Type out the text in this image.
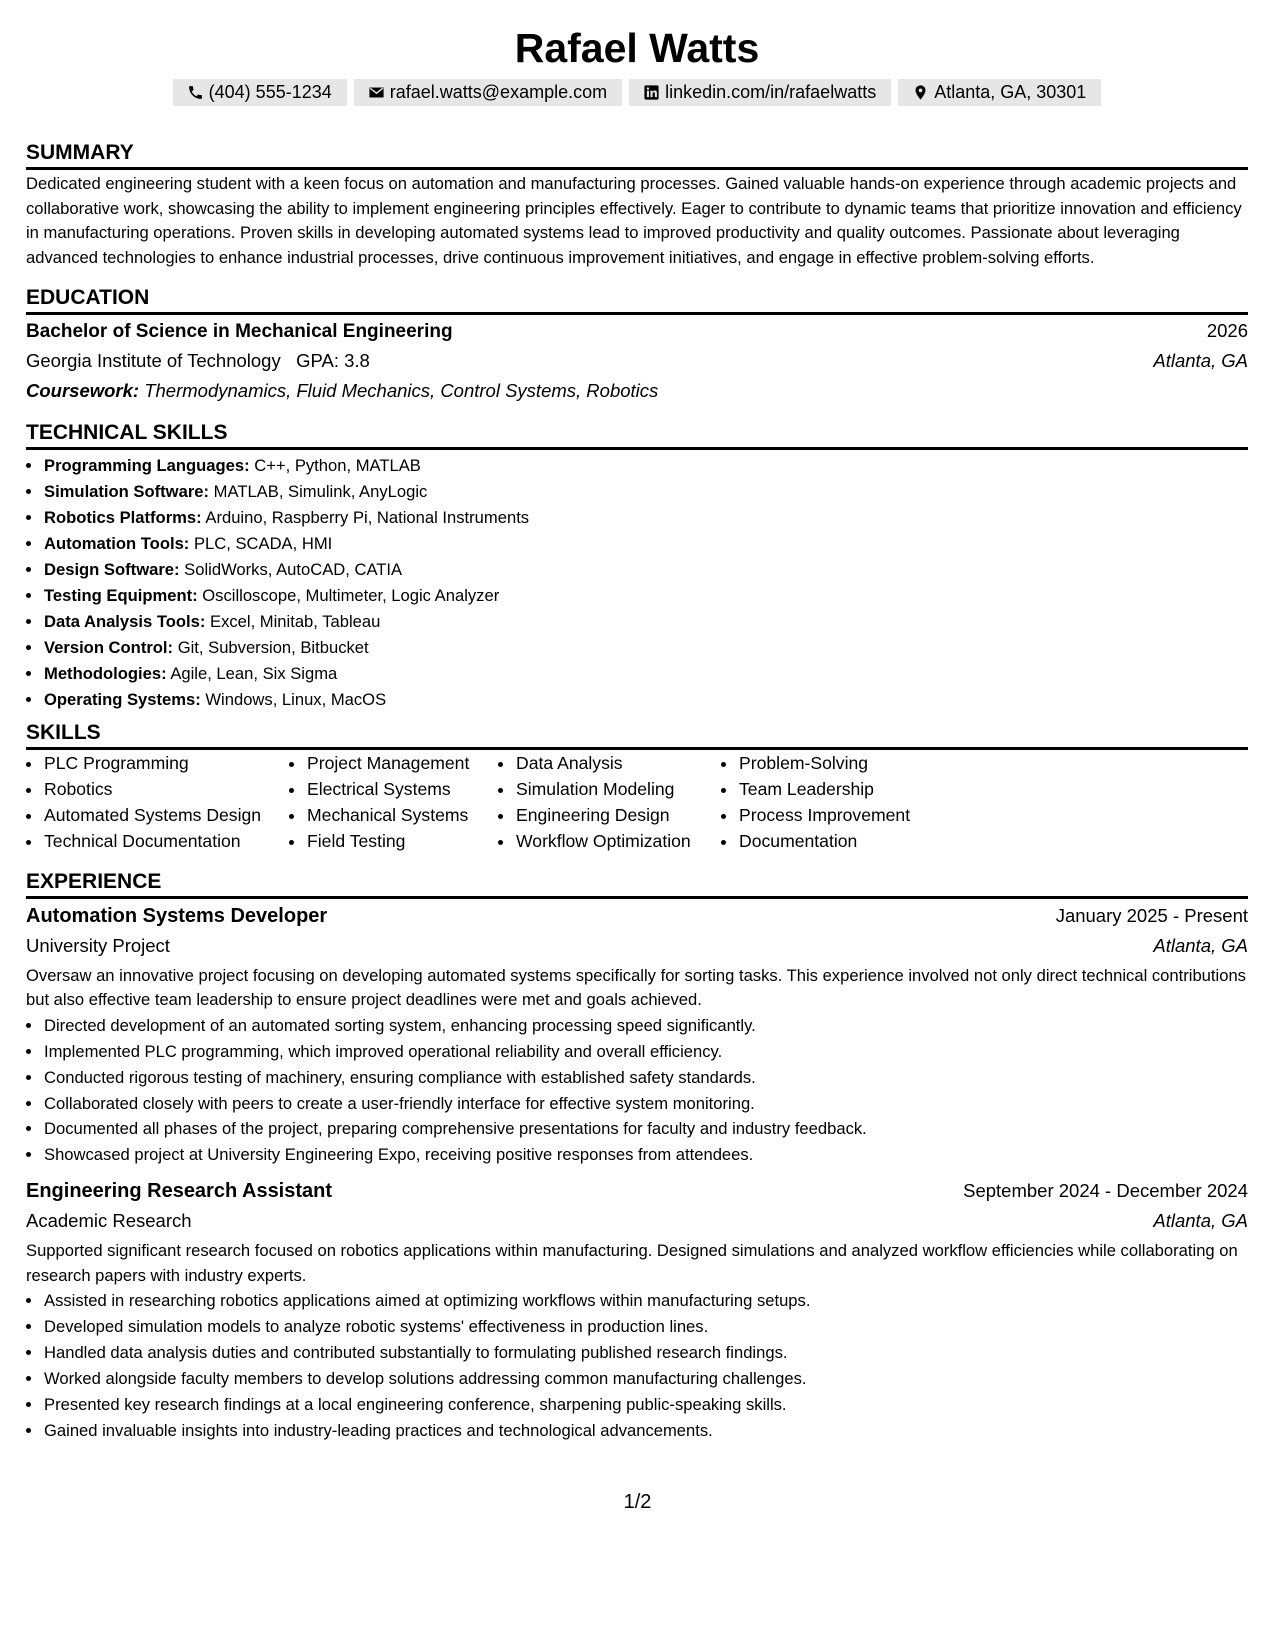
Rafael Watts
(404) 555-1234	rafael.watts@example.com	linkedin.com/in/rafaelwatts	Atlanta, GA, 30301
SUMMARY

Dedicated engineering student with a keen focus on automation and manufacturing processes. Gained valuable hands-on experience through academic projects and collaborative work, showcasing the ability to implement engineering principles effectively. Eager to contribute to dynamic teams that prioritize innovation and efficiency in manufacturing operations. Proven skills in developing automated systems lead to improved productivity and quality outcomes. Passionate about leveraging advanced technologies to enhance industrial processes, drive continuous improvement initiatives, and engage in effective problem-solving efforts.

EDUCATION
Bachelor of Science in Mechanical Engineering	2026
Georgia Institute of Technology GPA: 3.8	Atlanta, GA
Coursework: Thermodynamics, Fluid Mechanics, Control Systems, Robotics
TECHNICAL SKILLS
• Programming Languages: C++, Python, MATLAB
• Simulation Software: MATLAB, Simulink, AnyLogic
• Robotics Platforms: Arduino, Raspberry Pi, National Instruments
• Automation Tools: PLC, SCADA, HMI
• Design Software: SolidWorks, AutoCAD, CATIA
• Testing Equipment: Oscilloscope, Multimeter, Logic Analyzer
• Data Analysis Tools: Excel, Minitab, Tableau
• Version Control: Git, Subversion, Bitbucket
• Methodologies: Agile, Lean, Six Sigma
• Operating Systems: Windows, Linux, MacOS
SKILLS
• PLC Programming
• Robotics
• Automated Systems Design
• Technical Documentation
• Project Management
• Electrical Systems
• Mechanical Systems
• Field Testing
• Data Analysis
• Simulation Modeling
• Engineering Design
• Workflow Optimization
• Problem-Solving
• Team Leadership
• Process Improvement
• Documentation
EXPERIENCE
Automation Systems Developer	January 2025 - Present
University Project	Atlanta, GA

Oversaw an innovative project focusing on developing automated systems specifically for sorting tasks. This experience involved not only direct technical contributions but also effective team leadership to ensure project deadlines were met and goals achieved.

• Directed development of an automated sorting system, enhancing processing speed significantly.
• Implemented PLC programming, which improved operational reliability and overall efficiency.
• Conducted rigorous testing of machinery, ensuring compliance with established safety standards.
• Collaborated closely with peers to create a user-friendly interface for effective system monitoring.
• Documented all phases of the project, preparing comprehensive presentations for faculty and industry feedback.
• Showcased project at University Engineering Expo, receiving positive responses from attendees.
Engineering Research Assistant	September 2024 - December 2024
Academic Research	Atlanta, GA

Supported significant research focused on robotics applications within manufacturing. Designed simulations and analyzed workflow efficiencies while collaborating on research papers with industry experts.

• Assisted in researching robotics applications aimed at optimizing workflows within manufacturing setups.
• Developed simulation models to analyze robotic systems' effectiveness in production lines.
• Handled data analysis duties and contributed substantially to formulating published research findings.
• Worked alongside faculty members to develop solutions addressing common manufacturing challenges.
• Presented key research findings at a local engineering conference, sharpening public-speaking skills.
• Gained invaluable insights into industry-leading practices and technological advancements.
1/2
